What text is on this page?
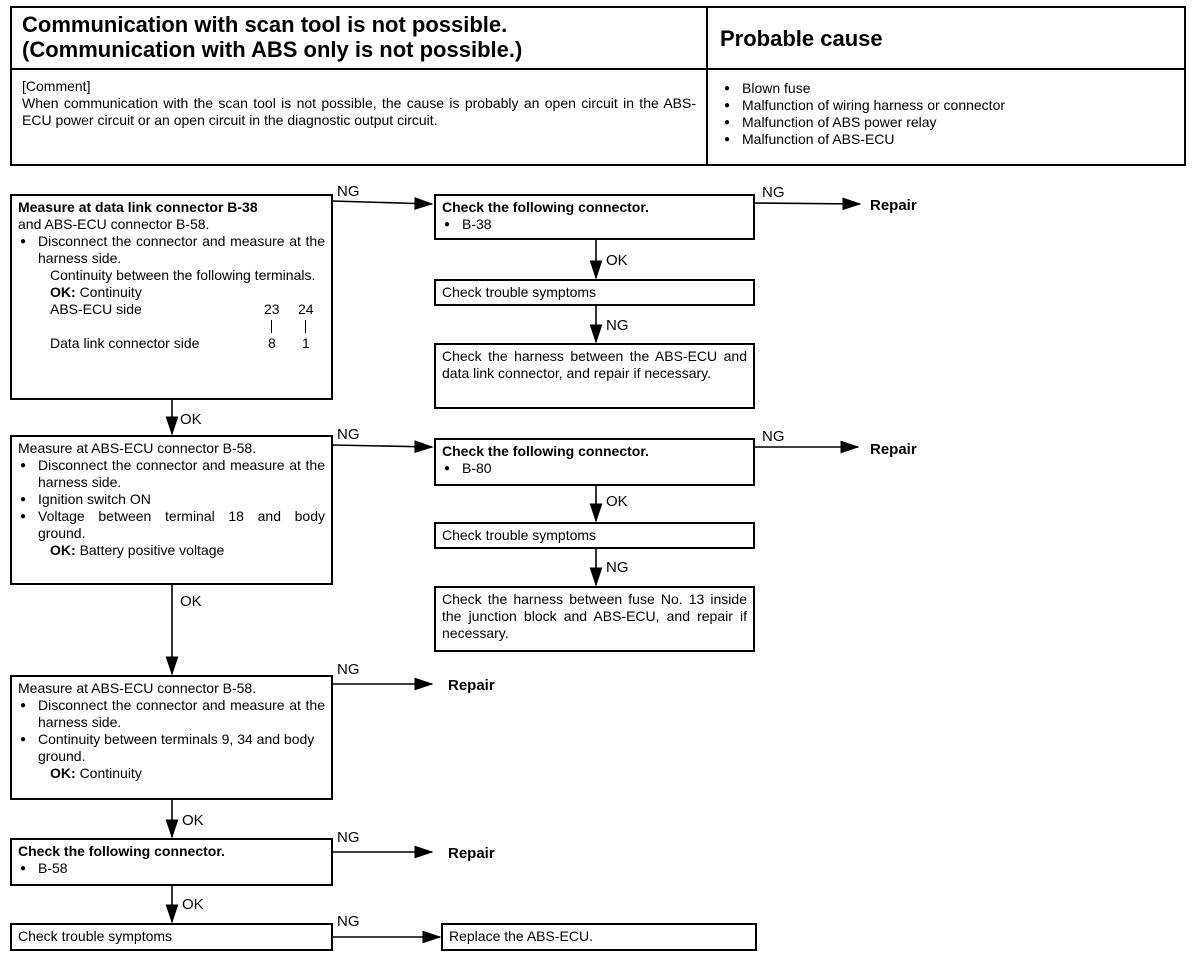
Communication with scan tool is not possible.
(Communication with ABS only is not possible.)	Probable cause
[Comment]
When communication with the scan tool is not possible, the cause is probably an open circuit in the ABS-ECU power circuit or an open circuit in the diagnostic output circuit.
● Blown fuse
● Malfunction of wiring harness or connector
● Malfunction of ABS power relay
● Malfunction of ABS-ECU
Measure at data link connector B-38
and ABS-ECU connector B-58.
● Disconnect the connector and measure at the harness side.
Continuity between the following terminals.
OK: Continuity
ABS-ECU side	23 24
Data link connector side	8 1
NG
OK
Check the following connector.
● B-38
NG
Repair
OK
Check trouble symptoms
NG
Check the harness between the ABS-ECU and data link connector, and repair if necessary.
Measure at ABS-ECU connector B-58.
● Disconnect the connector and measure at the harness side.
● Ignition switch ON
● Voltage between terminal 18 and body ground.
OK: Battery positive voltage
NG
OK
Check the following connector.
● B-80
NG
Repair
OK
Check trouble symptoms
NG
Check the harness between fuse No. 13 inside the junction block and ABS-ECU, and repair if necessary.
Measure at ABS-ECU connector B-58.
● Disconnect the connector and measure at the harness side.
● Continuity between terminals 9, 34 and body ground.
OK: Continuity
NG
Repair
OK
Check the following connector.
● B-58
NG
Repair
OK
Check trouble symptoms
NG
Replace the ABS-ECU.
